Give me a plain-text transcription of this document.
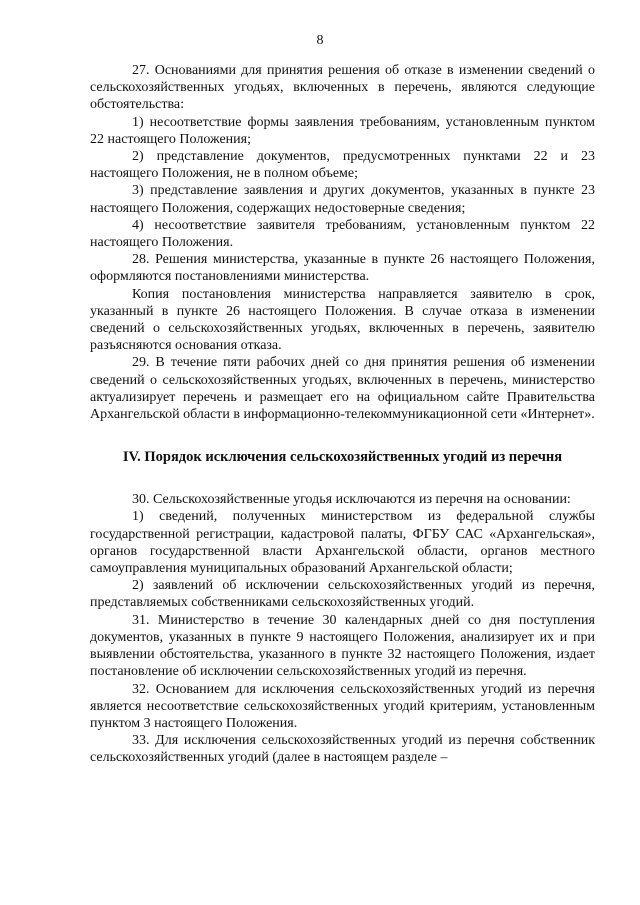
8

27. Основаниями для принятия решения об отказе в изменении сведений о сельскохозяйственных угодьях, включенных в перечень, являются следующие обстоятельства:

1) несоответствие формы заявления требованиям, установленным пунктом 22 настоящего Положения;

2) представление документов, предусмотренных пунктами 22 и 23 настоящего Положения, не в полном объеме;

3) представление заявления и других документов, указанных в пункте 23 настоящего Положения, содержащих недостоверные сведения;

4) несоответствие заявителя требованиям, установленным пунктом 22 настоящего Положения.

28. Решения министерства, указанные в пункте 26 настоящего Положения, оформляются постановлениями министерства.

Копия постановления министерства направляется заявителю в срок, указанный в пункте 26 настоящего Положения. В случае отказа в изменении сведений о сельскохозяйственных угодьях, включенных в перечень, заявителю разъясняются основания отказа.

29. В течение пяти рабочих дней со дня принятия решения об изменении сведений о сельскохозяйственных угодьях, включенных в перечень, министерство актуализирует перечень и размещает его на официальном сайте Правительства Архангельской области в информационно-телекоммуникационной сети «Интернет».

IV. Порядок исключения сельскохозяйственных угодий из перечня

30. Сельскохозяйственные угодья исключаются из перечня на основании:

1) сведений, полученных министерством из федеральной службы государственной регистрации, кадастровой палаты, ФГБУ САС «Архангельская», органов государственной власти Архангельской области, органов местного самоуправления муниципальных образований Архангельской области;

2) заявлений об исключении сельскохозяйственных угодий из перечня, представляемых собственниками сельскохозяйственных угодий.

31. Министерство в течение 30 календарных дней со дня поступления документов, указанных в пункте 9 настоящего Положения, анализирует их и при выявлении обстоятельства, указанного в пункте 32 настоящего Положения, издает постановление об исключении сельскохозяйственных угодий из перечня.

32. Основанием для исключения сельскохозяйственных угодий из перечня является несоответствие сельскохозяйственных угодий критериям, установленным пунктом 3 настоящего Положения.

33. Для исключения сельскохозяйственных угодий из перечня собственник сельскохозяйственных угодий (далее в настоящем разделе –
